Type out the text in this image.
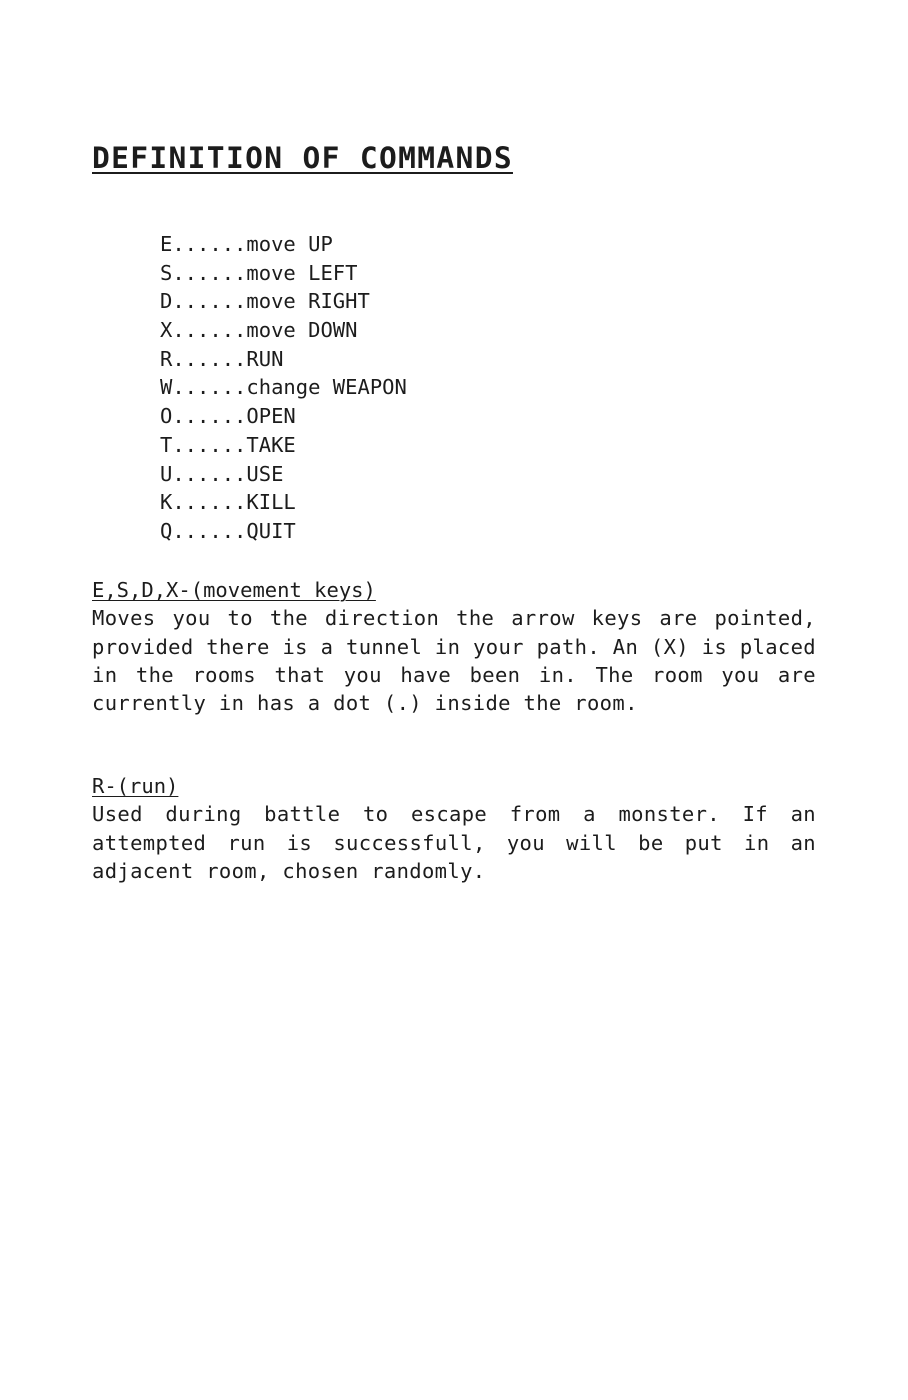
DEFINITION OF COMMANDS
E......move UP
S......move LEFT
D......move RIGHT
X......move DOWN
R......RUN
W......change WEAPON
O......OPEN
T......TAKE
U......USE
K......KILL
Q......QUIT
E,S,D,X-(movement keys)

Moves you to the direction the arrow keys are pointed, provided there is a tunnel in your path. An (X) is placed in the rooms that you have been in. The room you are currently in has a dot (.) inside the room.

R-(run)

Used during battle to escape from a monster. If an attempted run is successfull, you will be put in an adjacent room, chosen randomly.
